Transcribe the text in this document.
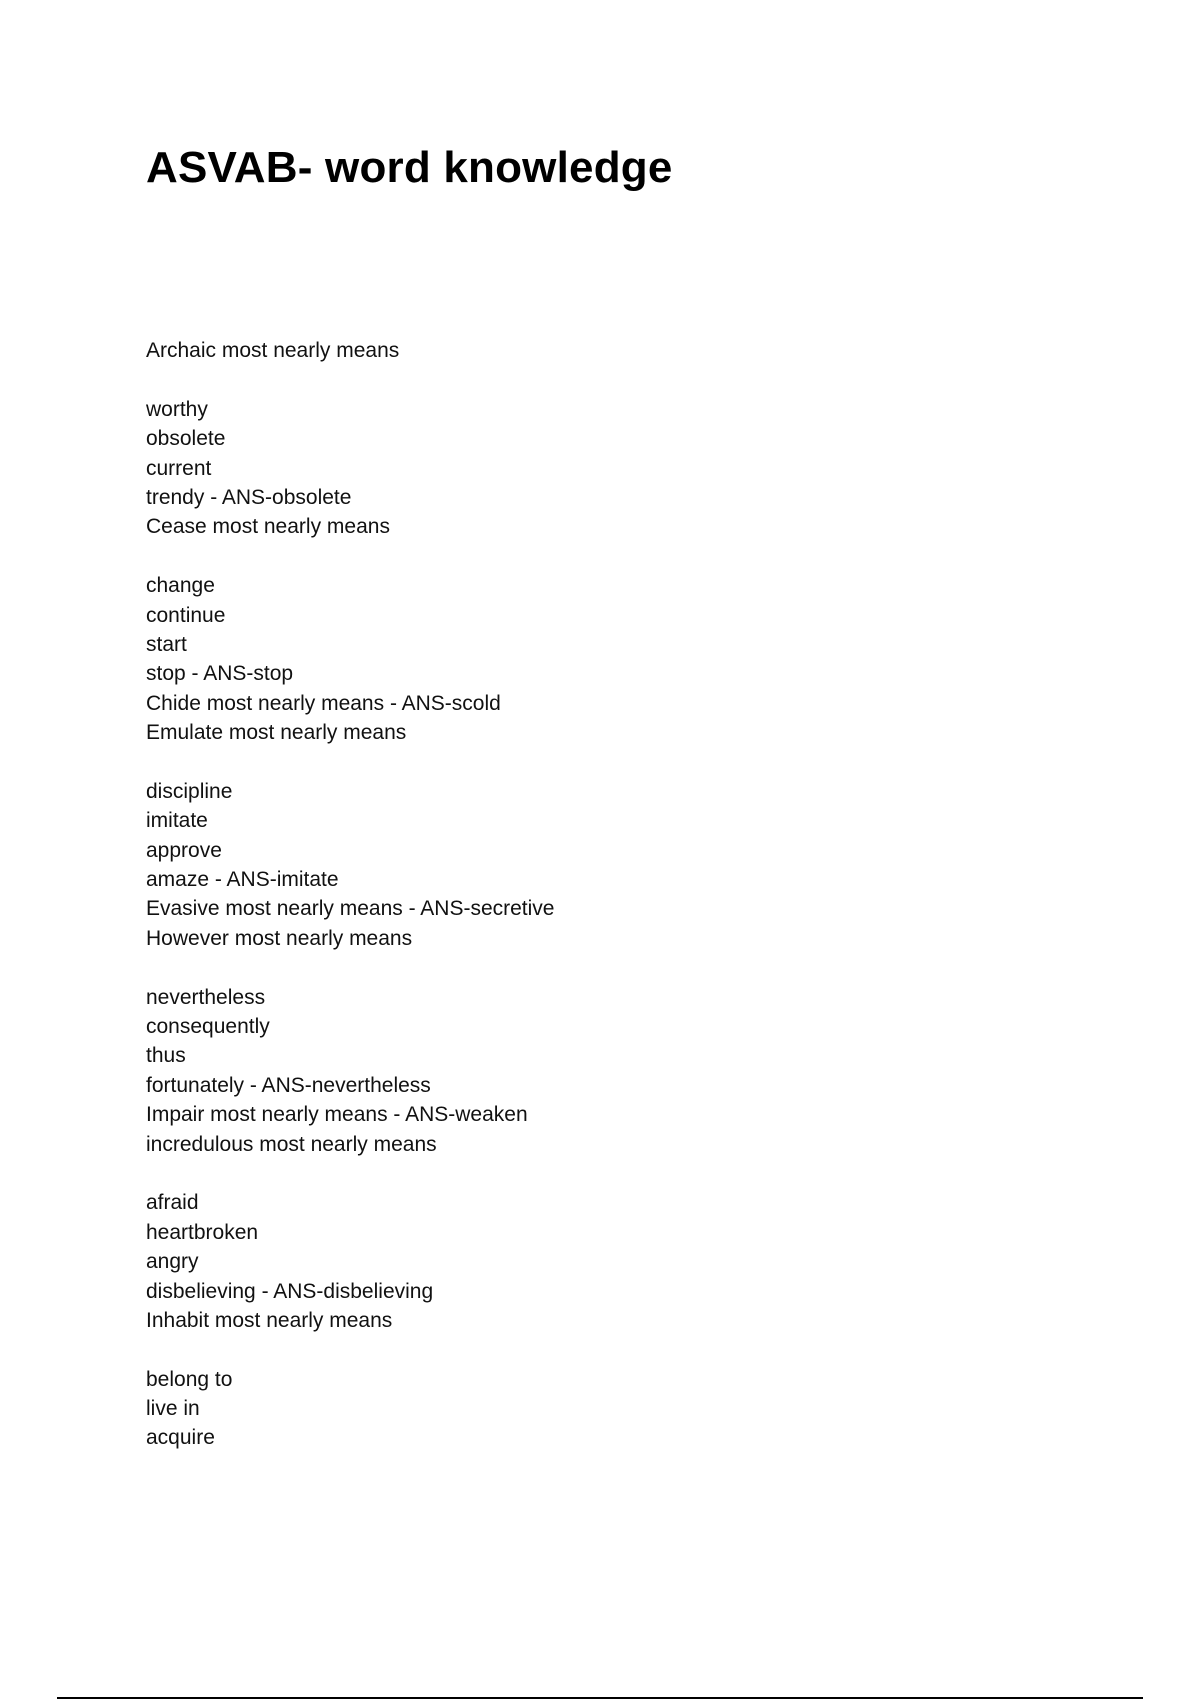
ASVAB- word knowledge
Archaic most nearly means
worthy
obsolete
current
trendy - ANS-obsolete
Cease most nearly means
change
continue
start
stop - ANS-stop
Chide most nearly means - ANS-scold
Emulate most nearly means
discipline
imitate
approve
amaze - ANS-imitate
Evasive most nearly means - ANS-secretive
However most nearly means
nevertheless
consequently
thus
fortunately - ANS-nevertheless
Impair most nearly means - ANS-weaken
incredulous most nearly means
afraid
heartbroken
angry
disbelieving - ANS-disbelieving
Inhabit most nearly means
belong to
live in
acquire
